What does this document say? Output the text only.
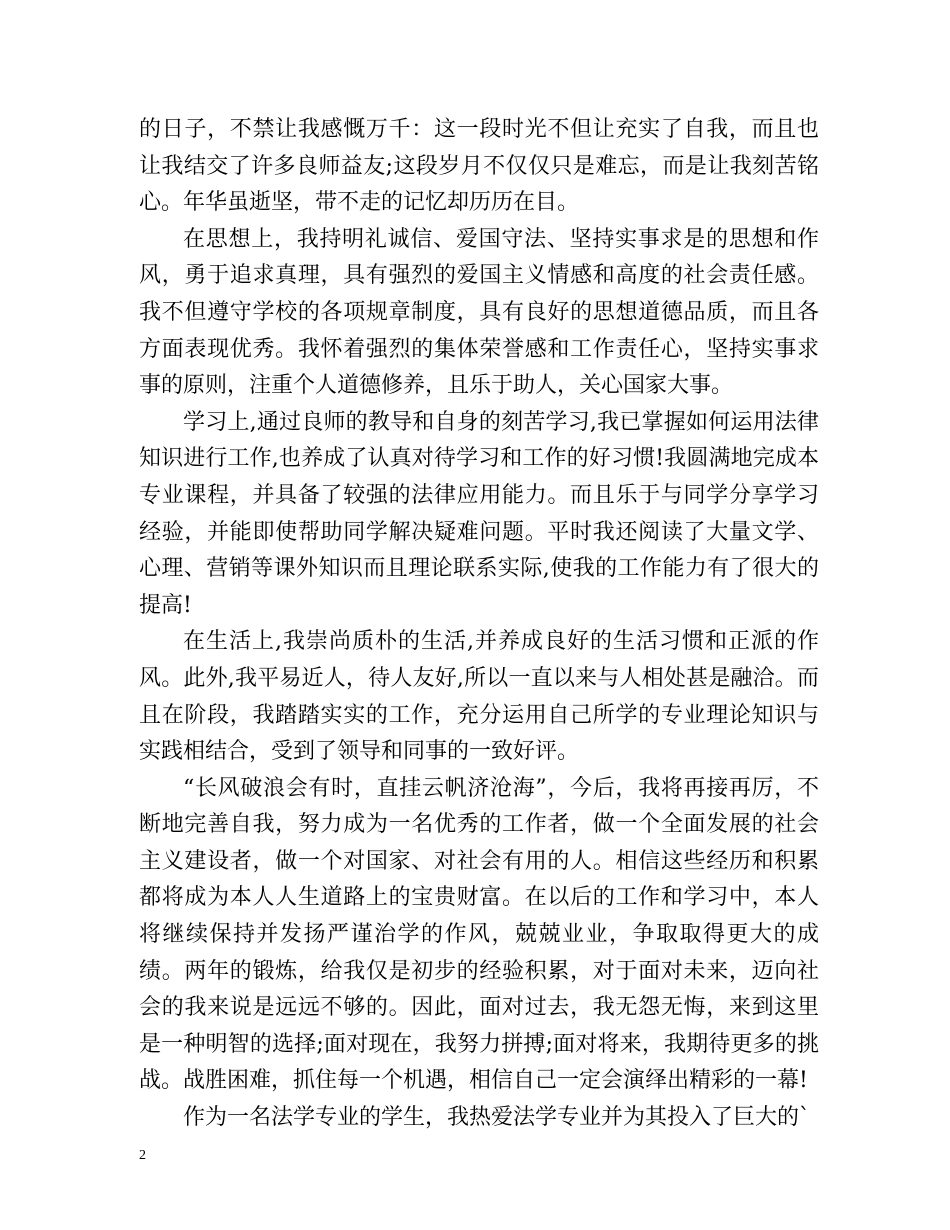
的日子，不禁让我感慨万千：这一段时光不但让充实了自我，而且也让我结交了许多良师益友;这段岁月不仅仅只是难忘，而是让我刻苦铭心。年华虽逝坚，带不走的记忆却历历在目。

在思想上，我持明礼诚信、爱国守法、坚持实事求是的思想和作风，勇于追求真理，具有强烈的爱国主义情感和高度的社会责任感。我不但遵守学校的各项规章制度，具有良好的思想道德品质，而且各方面表现优秀。我怀着强烈的集体荣誉感和工作责任心，坚持实事求事的原则，注重个人道德修养，且乐于助人，关心国家大事。

学习上,通过良师的教导和自身的刻苦学习,我已掌握如何运用法律知识进行工作,也养成了认真对待学习和工作的好习惯!我圆满地完成本专业课程，并具备了较强的法律应用能力。而且乐于与同学分享学习经验，并能即使帮助同学解决疑难问题。平时我还阅读了大量文学、心理、营销等课外知识而且理论联系实际,使我的工作能力有了很大的提高!

在生活上,我崇尚质朴的生活,并养成良好的生活习惯和正派的作风。此外,我平易近人，待人友好,所以一直以来与人相处甚是融洽。而且在阶段，我踏踏实实的工作，充分运用自己所学的专业理论知识与实践相结合，受到了领导和同事的一致好评。

“长风破浪会有时，直挂云帆济沧海”，今后，我将再接再厉，不断地完善自我，努力成为一名优秀的工作者，做一个全面发展的社会主义建设者，做一个对国家、对社会有用的人。相信这些经历和积累都将成为本人人生道路上的宝贵财富。在以后的工作和学习中，本人将继续保持并发扬严谨治学的作风，兢兢业业，争取取得更大的成绩。两年的锻炼，给我仅是初步的经验积累，对于面对未来，迈向社会的我来说是远远不够的。因此，面对过去，我无怨无悔，来到这里是一种明智的选择;面对现在，我努力拼搏;面对将来，我期待更多的挑战。战胜困难，抓住每一个机遇，相信自己一定会演绎出精彩的一幕!

作为一名法学专业的学生，我热爱法学专业并为其投入了巨大的`

2
